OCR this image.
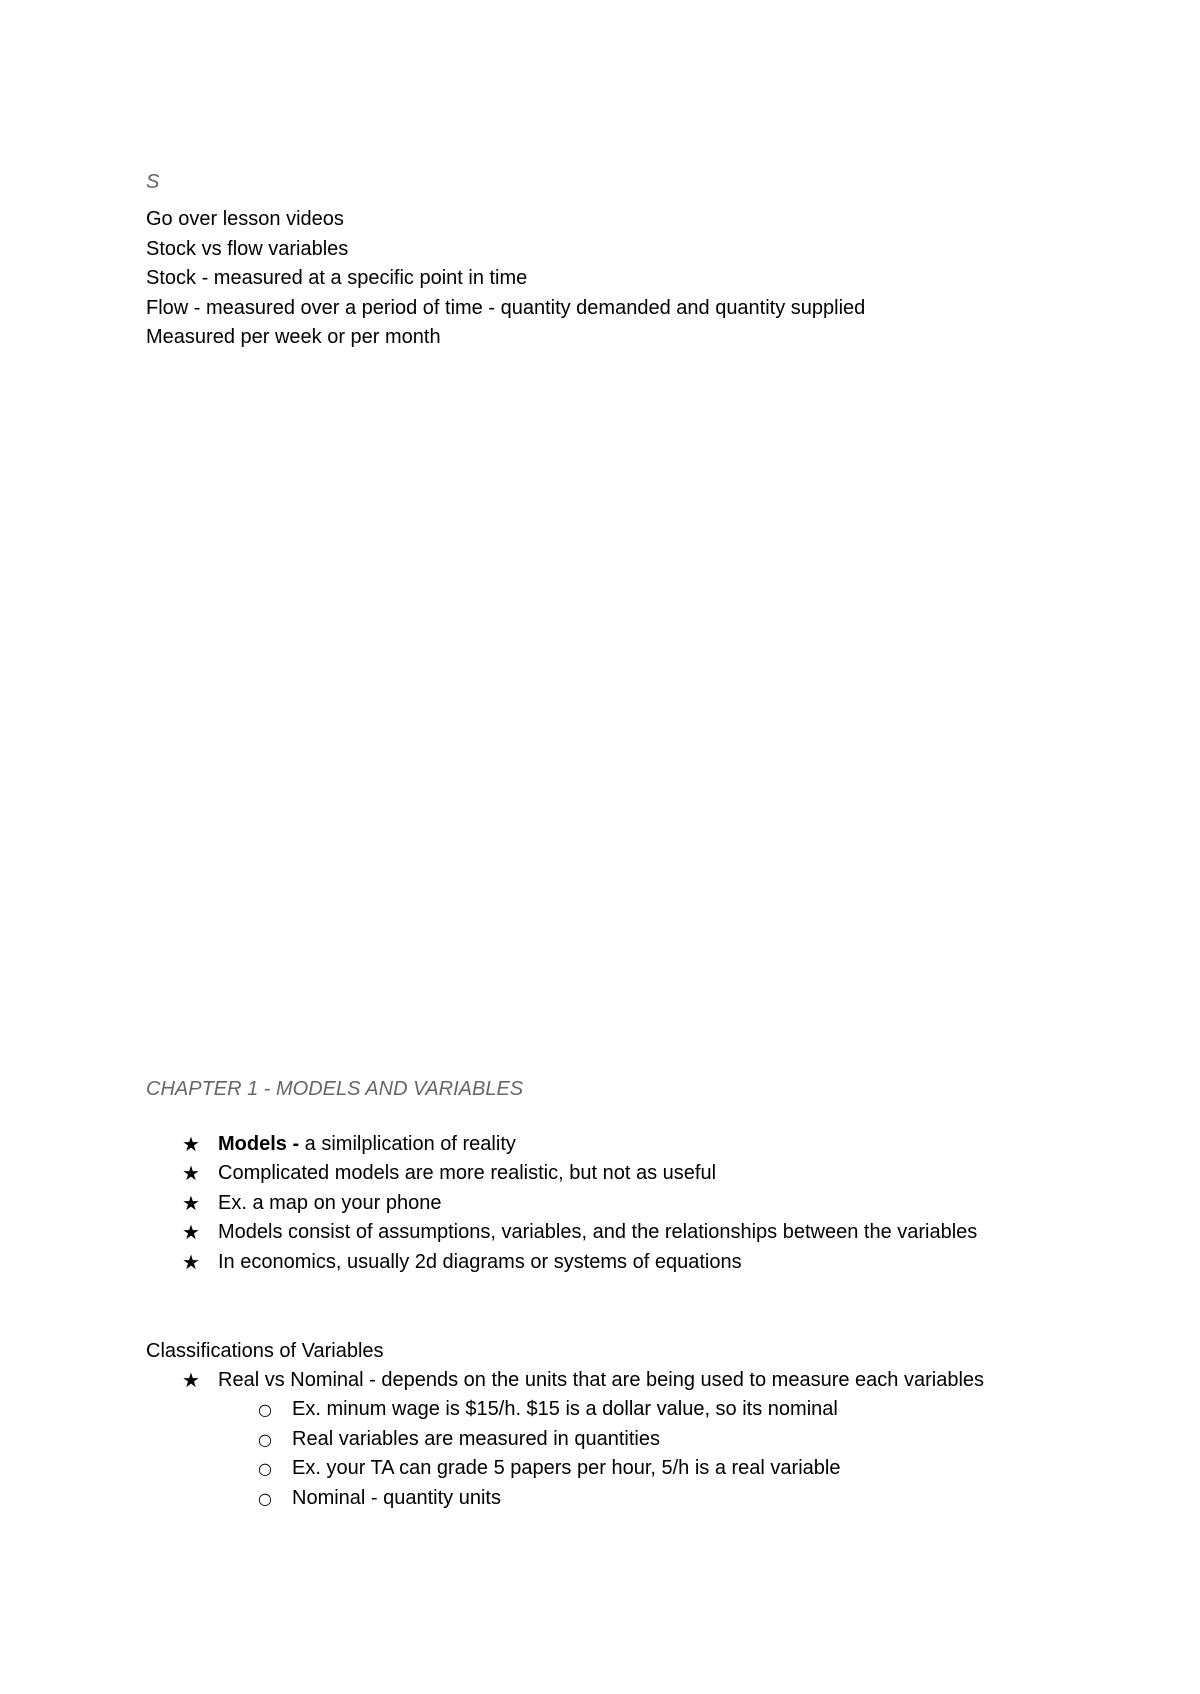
S
Go over lesson videos
Stock vs flow variables
Stock - measured at a specific point in time
Flow - measured over a period of time - quantity demanded and quantity supplied
Measured per week or per month
CHAPTER 1 - MODELS AND VARIABLES
★ Models - a similplication of reality
★ Complicated models are more realistic, but not as useful
★ Ex. a map on your phone
★ Models consist of assumptions, variables, and the relationships between the variables
★ In economics, usually 2d diagrams or systems of equations
Classifications of Variables
★ Real vs Nominal - depends on the units that are being used to measure each variables
○ Ex. minum wage is $15/h. $15 is a dollar value, so its nominal
○ Real variables are measured in quantities
○ Ex. your TA can grade 5 papers per hour, 5/h is a real variable
○ Nominal - quantity units
